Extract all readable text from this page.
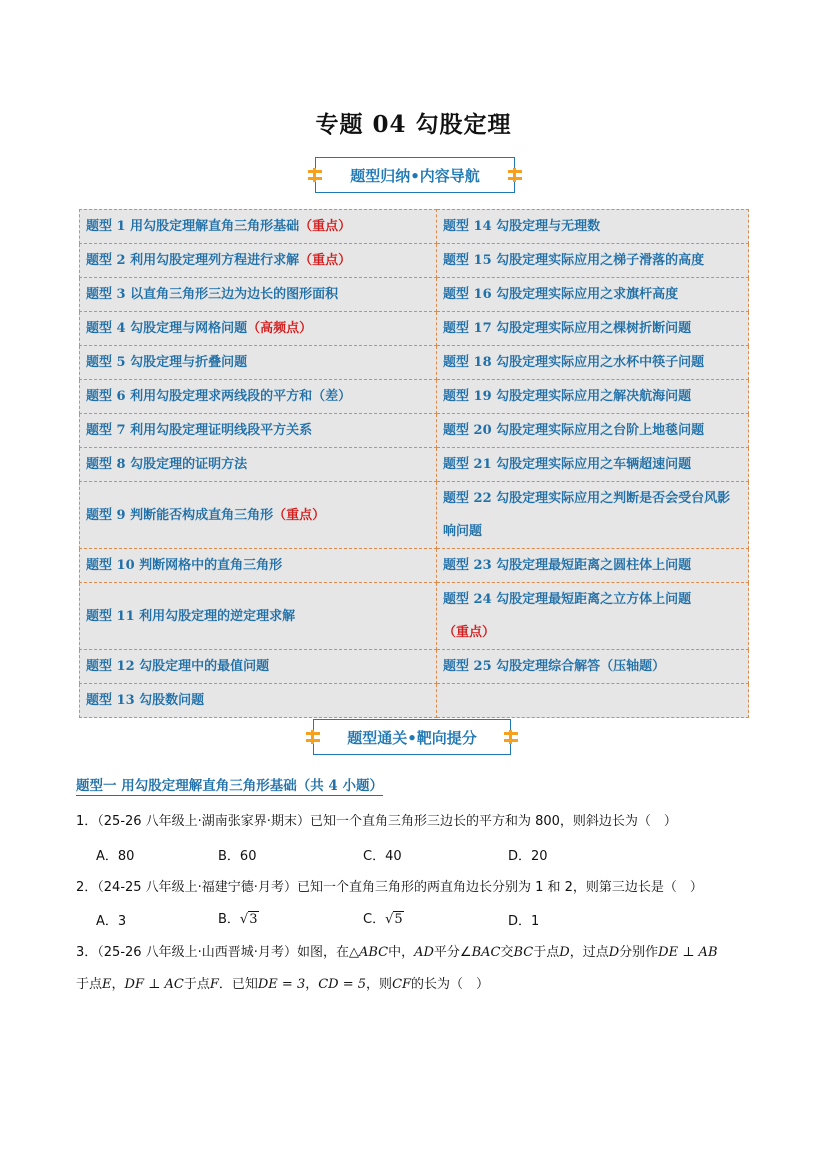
专题 04 勾股定理
题型归纳•内容导航
题型 1 用勾股定理解直角三角形基础（重点）	题型 14 勾股定理与无理数
题型 2 利用勾股定理列方程进行求解（重点）	题型 15 勾股定理实际应用之梯子滑落的高度
题型 3 以直角三角形三边为边长的图形面积	题型 16 勾股定理实际应用之求旗杆高度
题型 4 勾股定理与网格问题（高频点）	题型 17 勾股定理实际应用之棵树折断问题
题型 5 勾股定理与折叠问题	题型 18 勾股定理实际应用之水杯中筷子问题
题型 6 利用勾股定理求两线段的平方和（差）	题型 19 勾股定理实际应用之解决航海问题
题型 7 利用勾股定理证明线段平方关系	题型 20 勾股定理实际应用之台阶上地毯问题
题型 8 勾股定理的证明方法	题型 21 勾股定理实际应用之车辆超速问题
题型 9 判断能否构成直角三角形（重点）	题型 22 勾股定理实际应用之判断是否会受台风影响问题
题型 10 判断网格中的直角三角形	题型 23 勾股定理最短距离之圆柱体上问题
题型 11 利用勾股定理的逆定理求解	题型 24 勾股定理最短距离之立方体上问题（重点）
题型 12 勾股定理中的最值问题	题型 25 勾股定理综合解答（压轴题）
题型 13 勾股数问题	
题型通关•靶向提分
题型一 用勾股定理解直角三角形基础（共 4 小题）
1．（25-26 八年级上·湖南张家界·期末）已知一个直角三角形三边长的平方和为 800，则斜边长为（　）
A．80	B．60	C．40	D．20
2．（24-25 八年级上·福建宁德·月考）已知一个直角三角形的两直角边长分别为 1 和 2，则第三边长是（　）
A．3	B．√3	C．√5	D．1
3．（25-26 八年级上·山西晋城·月考）如图，在△ABC中，AD平分∠BAC交BC于点D，过点D分别作DE ⊥ AB
于点E，DF ⊥ AC于点F．已知DE = 3，CD = 5，则CF的长为（　）
